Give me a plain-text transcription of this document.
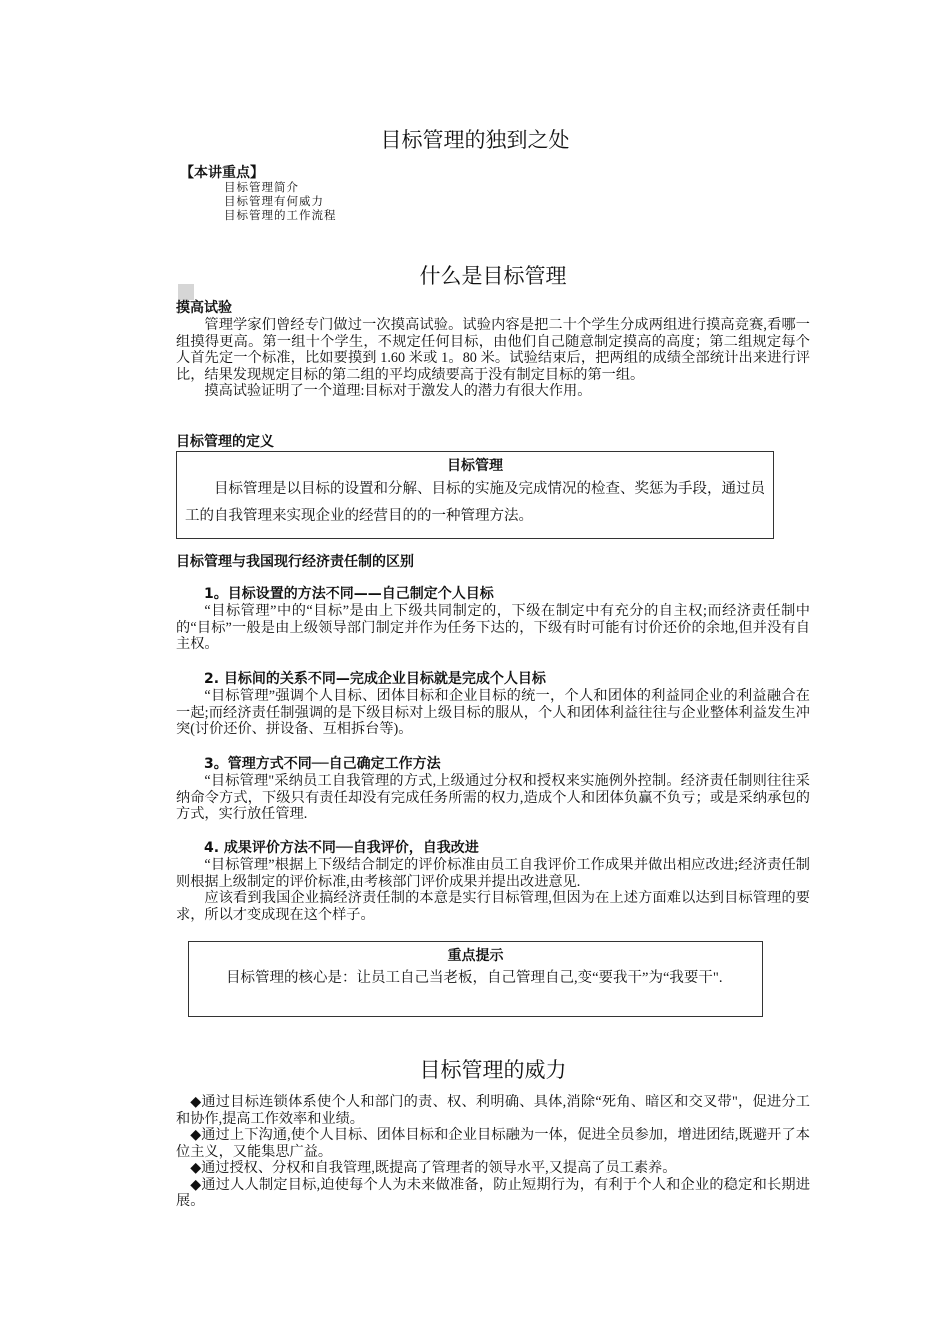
目标管理的独到之处
【本讲重点】
目标管理简介
目标管理有何威力
目标管理的工作流程
什么是目标管理
摸高试验
管理学家们曾经专门做过一次摸高试验。试验内容是把二十个学生分成两组进行摸高竞赛,看哪一组摸得更高。第一组十个学生，不规定任何目标，由他们自己随意制定摸高的高度；第二组规定每个人首先定一个标准，比如要摸到 1.60 米或 1。80 米。试验结束后，把两组的成绩全部统计出来进行评比，结果发现规定目标的第二组的平均成绩要高于没有制定目标的第一组。
摸高试验证明了一个道理:目标对于激发人的潜力有很大作用。
目标管理的定义
目标管理
目标管理是以目标的设置和分解、目标的实施及完成情况的检查、奖惩为手段，通过员工的自我管理来实现企业的经营目的的一种管理方法。
目标管理与我国现行经济责任制的区别
1。目标设置的方法不同——自己制定个人目标
“目标管理”中的“目标”是由上下级共同制定的，下级在制定中有充分的自主权;而经济责任制中的“目标”一般是由上级领导部门制定并作为任务下达的，下级有时可能有讨价还价的余地,但并没有自主权。
2. 目标间的关系不同—完成企业目标就是完成个人目标
“目标管理”强调个人目标、团体目标和企业目标的统一，个人和团体的利益同企业的利益融合在一起;而经济责任制强调的是下级目标对上级目标的服从，个人和团体利益往往与企业整体利益发生冲突(讨价还价、拼设备、互相拆台等)。
3。管理方式不同──自己确定工作方法
“目标管理"采纳员工自我管理的方式,上级通过分权和授权来实施例外控制。经济责任制则往往采纳命令方式，下级只有责任却没有完成任务所需的权力,造成个人和团体负赢不负亏；或是采纳承包的方式，实行放任管理.
4. 成果评价方法不同──自我评价，自我改进
“目标管理”根据上下级结合制定的评价标准由员工自我评价工作成果并做出相应改进;经济责任制则根据上级制定的评价标准,由考核部门评价成果并提出改进意见.
应该看到我国企业搞经济责任制的本意是实行目标管理,但因为在上述方面难以达到目标管理的要求，所以才变成现在这个样子。
重点提示
目标管理的核心是：让员工自己当老板，自己管理自己,变“要我干”为“我要干".
目标管理的威力
◆通过目标连锁体系使个人和部门的责、权、利明确、具体,消除“死角、暗区和交叉带"，促进分工和协作,提高工作效率和业绩。
◆通过上下沟通,使个人目标、团体目标和企业目标融为一体，促进全员参加，增进团结,既避开了本位主义，又能集思广益。
◆通过授权、分权和自我管理,既提高了管理者的领导水平,又提高了员工素养。
◆通过人人制定目标,迫使每个人为未来做准备，防止短期行为，有利于个人和企业的稳定和长期进展。
